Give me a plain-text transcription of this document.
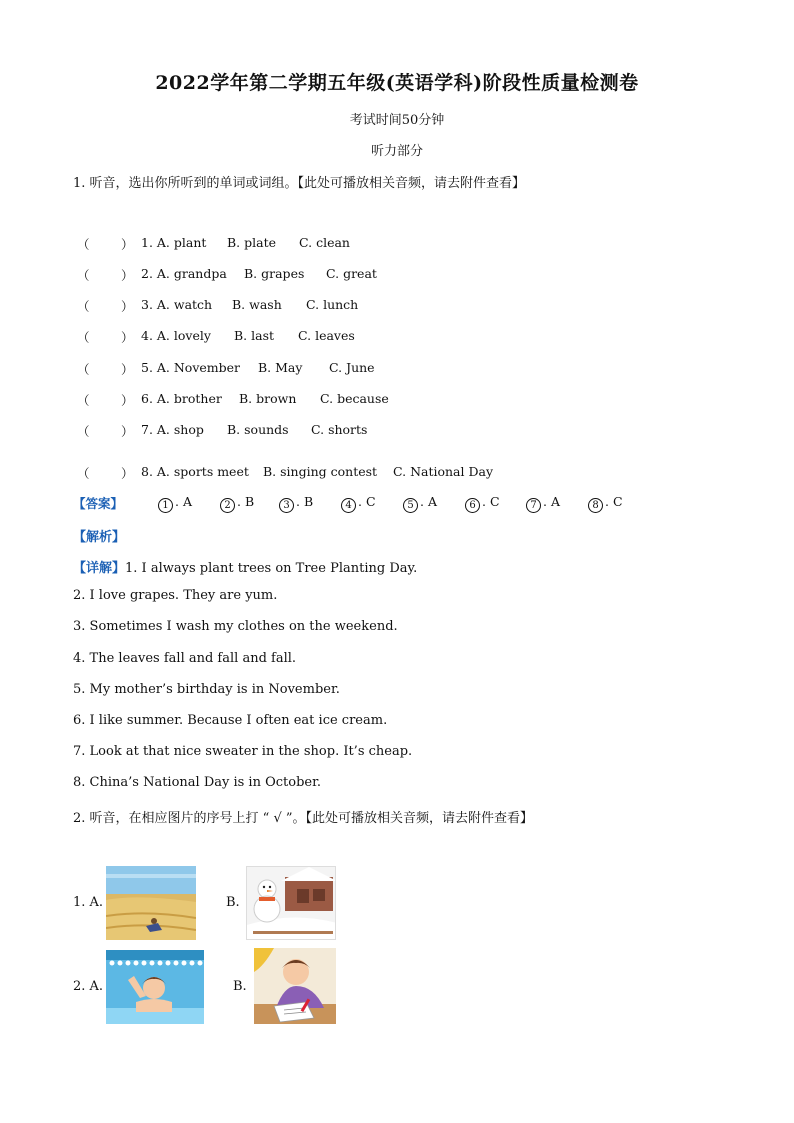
2022学年第二学期五年级(英语学科)阶段性质量检测卷
考试时间50分钟
听力部分
1. 听音，选出你所听到的单词或词组。【此处可播放相关音频，请去附件查看】
（	） 1. A. plant B. plate C. clean
（	） 2. A. grandpa B. grapes C. great
（	） 3. A. watch B. wash C. lunch
（	） 4. A. lovely B. last C. leaves
（	） 5. A. November B. May C. June
（	） 6. A. brother B. brown C. because
（	） 7. A. shop B. sounds C. shorts
（	） 8. A. sports meet B. singing contest C. National Day
【答案】	1 . A	2 . B	3 . B	4 . C	5 . A	6 . C	7 . A	8 . C
【解析】
【详解】1. I always plant trees on Tree Planting Day.
2. I love grapes. They are yum.
3. Sometimes I wash my clothes on the weekend.
4. The leaves fall and fall and fall.
5. My mother’s birthday is in November.
6. I like summer. Because I often eat ice cream.
7. Look at that nice sweater in the shop. It’s cheap.
8. China’s National Day is in October.
2. 听音，在相应图片的序号上打 “ √ ”。【此处可播放相关音频，请去附件查看】
1. A.	B.
2. A.	B.
